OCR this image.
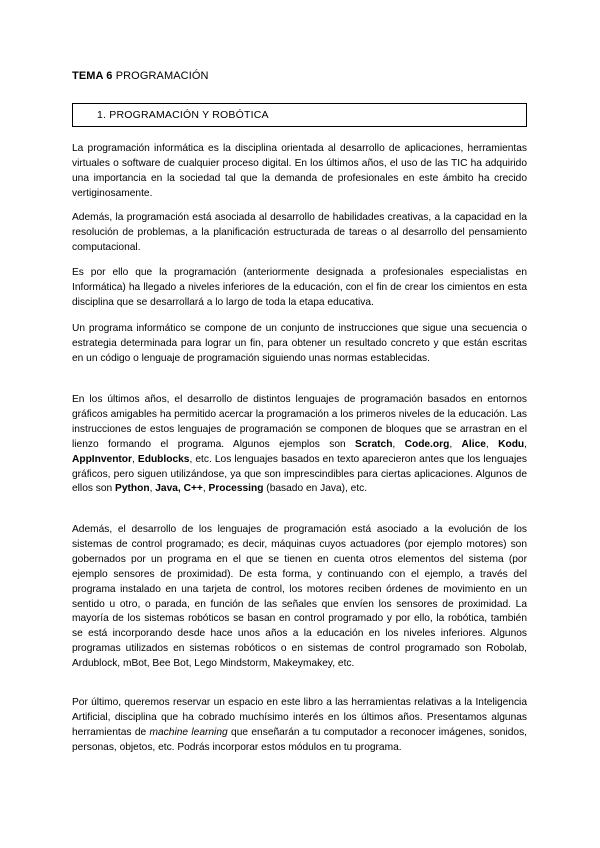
TEMA 6 PROGRAMACIÓN
1. PROGRAMACIÓN Y ROBÓTICA

La programación informática es la disciplina orientada al desarrollo de aplicaciones, herramientas virtuales o software de cualquier proceso digital. En los últimos años, el uso de las TIC ha adquirido una importancia en la sociedad tal que la demanda de profesionales en este ámbito ha crecido vertiginosamente.

Además, la programación está asociada al desarrollo de habilidades creativas, a la capacidad en la resolución de problemas, a la planificación estructurada de tareas o al desarrollo del pensamiento computacional.

Es por ello que la programación (anteriormente designada a profesionales especialistas en Informática) ha llegado a niveles inferiores de la educación, con el fin de crear los cimientos en esta disciplina que se desarrollará a lo largo de toda la etapa educativa.

Un programa informático se compone de un conjunto de instrucciones que sigue una secuencia o estrategia determinada para lograr un fin, para obtener un resultado concreto y que están escritas en un código o lenguaje de programación siguiendo unas normas establecidas.

En los últimos años, el desarrollo de distintos lenguajes de programación basados en entornos gráficos amigables ha permitido acercar la programación a los primeros niveles de la educación. Las instrucciones de estos lenguajes de programación se componen de bloques que se arrastran en el lienzo formando el programa. Algunos ejemplos son Scratch, Code.org, Alice, Kodu, AppInventor, Edublocks, etc. Los lenguajes basados en texto aparecieron antes que los lenguajes gráficos, pero siguen utilizándose, ya que son imprescindibles para ciertas aplicaciones. Algunos de ellos son Python, Java, C++, Processing (basado en Java), etc.

Además, el desarrollo de los lenguajes de programación está asociado a la evolución de los sistemas de control programado; es decir, máquinas cuyos actuadores (por ejemplo motores) son gobernados por un programa en el que se tienen en cuenta otros elementos del sistema (por ejemplo sensores de proximidad). De esta forma, y continuando con el ejemplo, a través del programa instalado en una tarjeta de control, los motores reciben órdenes de movimiento en un sentido u otro, o parada, en función de las señales que envíen los sensores de proximidad. La mayoría de los sistemas robóticos se basan en control programado y por ello, la robótica, también se está incorporando desde hace unos años a la educación en los niveles inferiores. Algunos programas utilizados en sistemas robóticos o en sistemas de control programado son Robolab, Ardublock, mBot, Bee Bot, Lego Mindstorm, Makeymakey, etc.

Por último, queremos reservar un espacio en este libro a las herramientas relativas a la Inteligencia Artificial, disciplina que ha cobrado muchísimo interés en los últimos años. Presentamos algunas herramientas de machine learning que enseñarán a tu computador a reconocer imágenes, sonidos, personas, objetos, etc. Podrás incorporar estos módulos en tu programa.
